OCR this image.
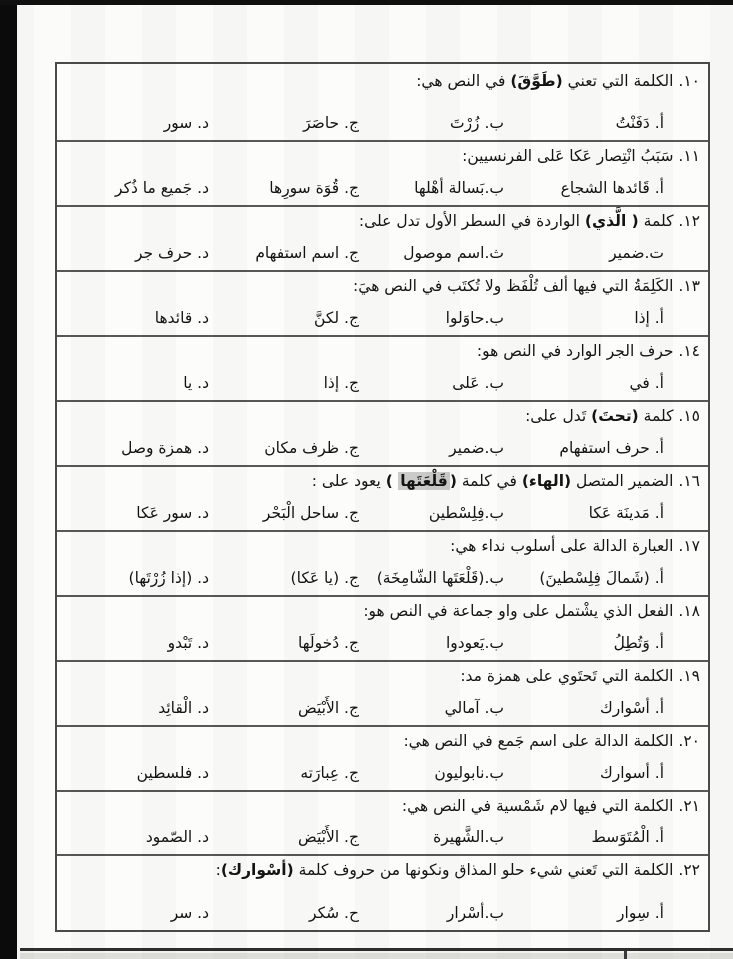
١٠. الكلمة التي تعني (طَوَّقَ) في النص هي:
أ. دَفَنْتُ
ب. زُرْتَ
ج. حاصَرَ
د. سور
١١. سَبَبُ انْتِصار عَكا عَلى الفرنسيين:
أ. قَائدها الشجاع
ب.بَسالة أهْلها
ج. قُوَة سورِها
د. جَميع ما ذُكر
١٢. كلمة ( الَّذي) الواردة في السطر الأول تدل على:
ت.ضمير
ث.اسم موصول
ج. اسم استفهام
د. حرف جر
١٣. الكَلِمَةُ التي فيها ألف تُلْفَظ ولا تُكتَب في النص هيَ:
أ. إذا
ب.حاوَلوا
ج. لكنَّ
د. قائدها
١٤. حرف الجر الوارد في النص هو:
أ. في
ب. عَلى
ج. إذا
د. يا
١٥. كلمة (تحتَ) تَدل على:
أ. حرف استفهام
ب.ضمير
ج. ظرف مكان
د. همزة وصل
١٦. الضمير المتصل (الهاء) في كلمة (قَلْعَتَها ) يعود على :
أ. مَدينَة عَكا
ب.فِلِسْطين
ج. ساحل الْبَحْر
د. سور عَكا
١٧. العبارة الدالة على أسلوب نداء هي:
أ. (شَمالَ فِلِسْطينَ)
ب.(قَلْعَتَها الشّامِخَة)
ج. (يا عَكا)
د. (إذا زُرْتَها)
١٨. الفعل الذي يشْتمل على واو جماعة في النص هو:
أ. وَتُطِلُ
ب.يَعودوا
ج. دُخولَها
د. تَبْدو
١٩. الكلمة التي تَحتَوي على همزة مد:
أ. أسْوارك
ب. آمالي
ج. الأَبْيَض
د. الْقائِد
٢٠. الكلمة الدالة على اسم جَمع في النص هي:
أ. أسوارك
ب.نابوليون
ج. عِبارَته
د. فلسطين
٢١. الكلمة التي فيها لام شَمْسية في النص هي:
أ. الْمُتَوَسط
ب.الشَّهيرة
ج. الأَبْيَض
د. الصّمود
٢٢. الكلمة التي تَعني شيء حلو المذاق ونكونها من حروف كلمة (أسْوارك):
أ. سِوار
ب.أسْرار
ح. سُكر
د. سر
